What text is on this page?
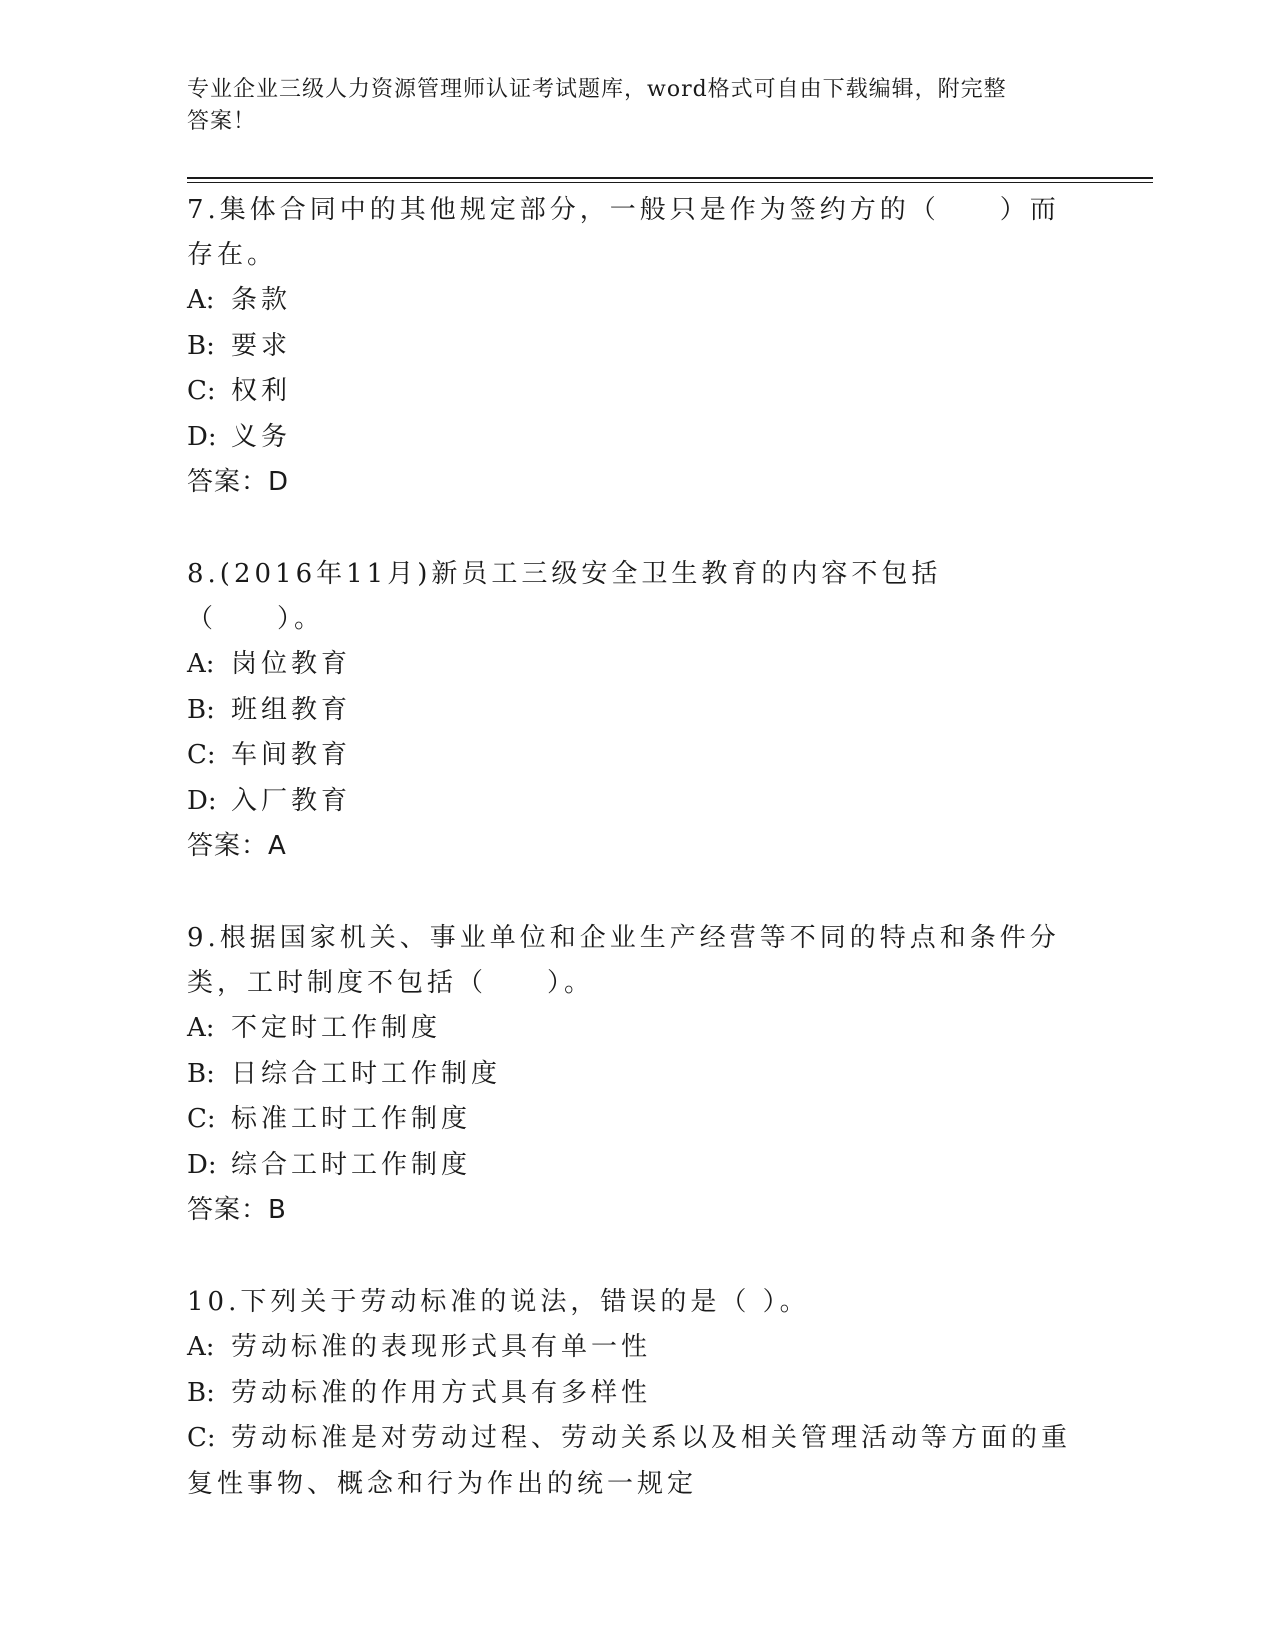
专业企业三级人力资源管理师认证考试题库，word格式可自由下载编辑，附完整
答案！

7.集体合同中的其他规定部分，一般只是作为签约方的（　　）而存在。

A: 条款

B: 要求

C: 权利

D: 义务

答案：D

8.(2016年11月)新员工三级安全卫生教育的内容不包括（　　）。

A: 岗位教育

B: 班组教育

C: 车间教育

D: 入厂教育

答案：A

9.根据国家机关、事业单位和企业生产经营等不同的特点和条件分类，工时制度不包括（　　）。

A: 不定时工作制度

B: 日综合工时工作制度

C: 标准工时工作制度

D: 综合工时工作制度

答案：B

10.下列关于劳动标准的说法，错误的是（ ）。

A: 劳动标准的表现形式具有单一性

B: 劳动标准的作用方式具有多样性

C: 劳动标准是对劳动过程、劳动关系以及相关管理活动等方面的重复性事物、概念和行为作出的统一规定
